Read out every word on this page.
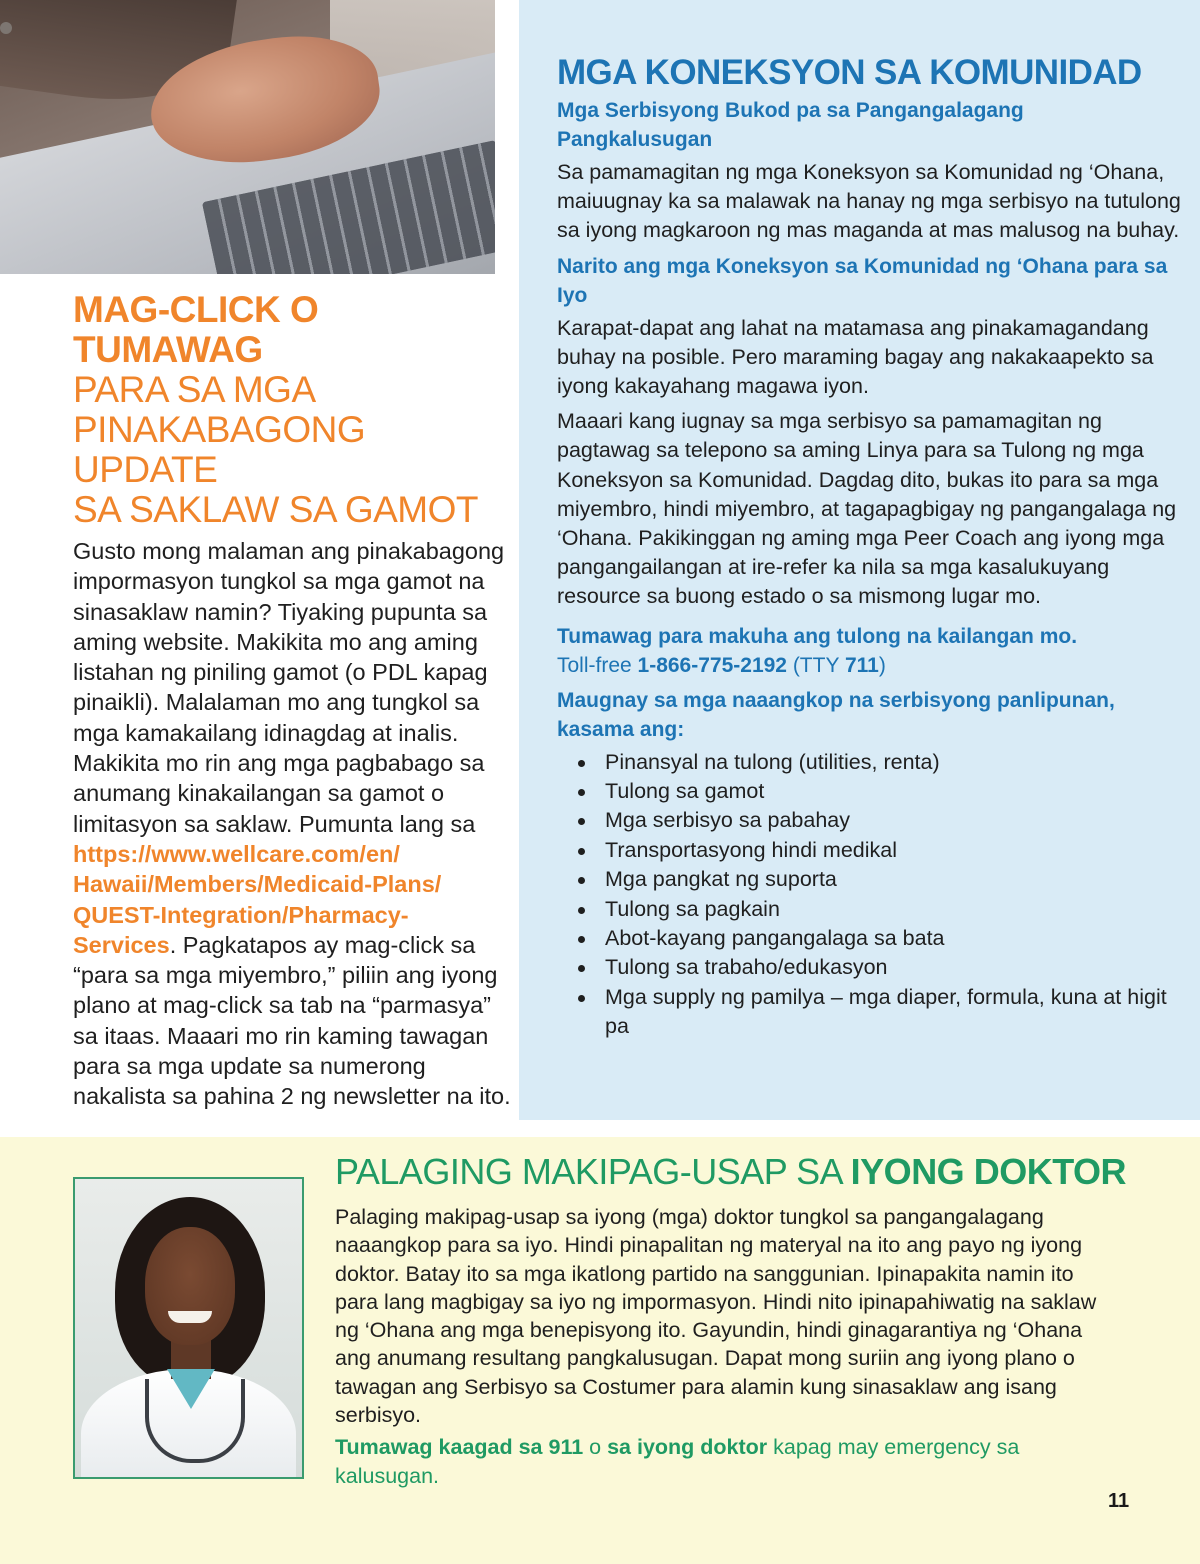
MAG-CLICK O
TUMAWAG
PARA SA MGA
PINAKABAGONG UPDATE
SA SAKLAW SA GAMOT

Gusto mong malaman ang pinakabagong impormasyon tungkol sa mga gamot na sinasaklaw namin? Tiyaking pupunta sa aming website. Makikita mo ang aming listahan ng piniling gamot (o PDL kapag pinaikli). Malalaman mo ang tungkol sa mga kamakailang idinagdag at inalis. Makikita mo rin ang mga pagbabago sa anumang kinakailangan sa gamot o limitasyon sa saklaw. Pumunta lang sa https://www.wellcare.com/en/
Hawaii/Members/Medicaid-Plans/
QUEST-Integration/Pharmacy-
Services. Pagkatapos ay mag-click sa “para sa mga miyembro,” piliin ang iyong plano at mag-click sa tab na “parmasya” sa itaas. Maaari mo rin kaming tawagan para sa mga update sa numerong nakalista sa pahina 2 ng newsletter na ito.

MGA KONEKSYON SA KOMUNIDAD
Mga Serbisyong Bukod pa sa Pangangalagang Pangkalusugan

Sa pamamagitan ng mga Koneksyon sa Komunidad ng ‘Ohana, maiuugnay ka sa malawak na hanay ng mga serbisyo na tutulong sa iyong magkaroon ng mas maganda at mas malusog na buhay.

Narito ang mga Koneksyon sa Komunidad ng ‘Ohana para sa Iyo

Karapat-dapat ang lahat na matamasa ang pinakamagandang buhay na posible. Pero maraming bagay ang nakakaapekto sa iyong kakayahang magawa iyon.

Maaari kang iugnay sa mga serbisyo sa pamamagitan ng pagtawag sa telepono sa aming Linya para sa Tulong ng mga Koneksyon sa Komunidad. Dagdag dito, bukas ito para sa mga miyembro, hindi miyembro, at tagapagbigay ng pangangalaga ng ‘Ohana. Pakikinggan ng aming mga Peer Coach ang iyong mga pangangailangan at ire-refer ka nila sa mga kasalukuyang resource sa buong estado o sa mismong lugar mo.

Tumawag para makuha ang tulong na kailangan mo.
Toll-free 1-866-775-2192 (TTY 711)
Maugnay sa mga naaangkop na serbisyong panlipunan, kasama ang:
Pinansyal na tulong (utilities, renta)
Tulong sa gamot
Mga serbisyo sa pabahay
Transportasyong hindi medikal
Mga pangkat ng suporta
Tulong sa pagkain
Abot-kayang pangangalaga sa bata
Tulong sa trabaho/edukasyon
Mga supply ng pamilya – mga diaper, formula, kuna at higit pa
PALAGING MAKIPAG-USAP SA IYONG DOKTOR

Palaging makipag-usap sa iyong (mga) doktor tungkol sa pangangalagang naaangkop para sa iyo. Hindi pinapalitan ng materyal na ito ang payo ng iyong doktor. Batay ito sa mga ikatlong partido na sanggunian. Ipinapakita namin ito para lang magbigay sa iyo ng impormasyon. Hindi nito ipinapahiwatig na saklaw ng ‘Ohana ang mga benepisyong ito. Gayundin, hindi ginagarantiya ng ‘Ohana ang anumang resultang pangkalusugan. Dapat mong suriin ang iyong plano o tawagan ang Serbisyo sa Costumer para alamin kung sinasaklaw ang isang serbisyo.

Tumawag kaagad sa 911 o sa iyong doktor kapag may emergency sa kalusugan.

11
